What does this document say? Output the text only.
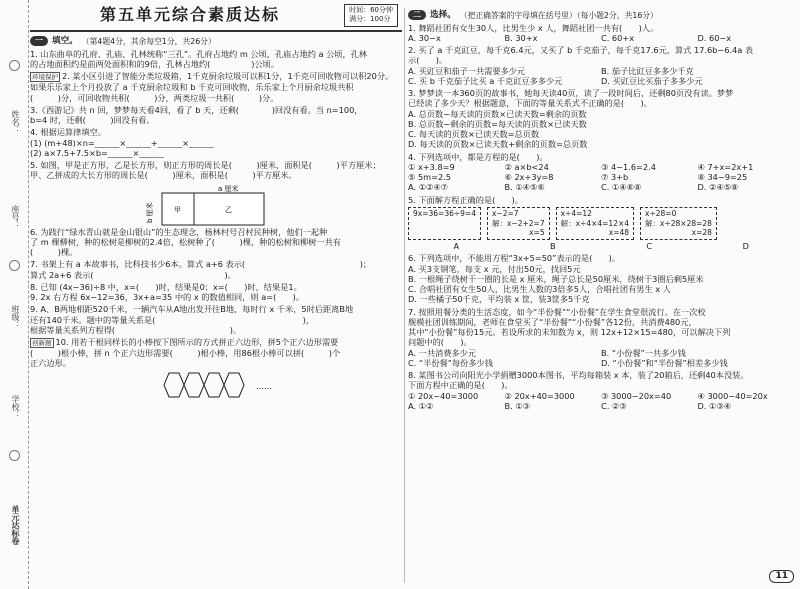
姓名：
座号：
班级：
学校：
单元达标卷
第五单元综合素质达标	时间：60分钟
满分：100分
一	填空。 （第4题4分，其余每空1分，共26分）
1. 山东曲阜的孔府、孔庙、孔林统称“三孔”。孔府占地约 m 公顷，孔庙占地约 a 公顷，孔林
的占地面积约是前两处面积和的9倍，孔林占地约(　　　　　)公顷。
环境保护 2. 某小区引进了智能分类垃圾箱，1千克厨余垃圾可以积1分，1千克可回收物可以积20分。
如果乐乐家上个月投放了 a 千克厨余垃圾和 b 千克可回收物，乐乐家上个月厨余垃圾共积
(　　　)分，可回收物共积(　　　)分，两类垃圾一共积(　　　)分。
3.《西游记》共 n 回，梦梦每天看4回，看了 b 天，还剩(　　　　)回没有看。当 n=100，
b=4 时，还剩(　　　)回没有看。
4. 根据运算律填空。
(1) (m+48)×n=______×______+______×______
(2) a×7.5+7.5×b=______×______
5. 如图，甲是正方形，乙是长方形，则正方形的周长是(　　　)厘米，面积是(　　　)平方厘米；
甲、乙拼成的大长方形的周长是(　　　)厘米，面积是(　　　)平方厘米。
a 厘米
b 厘米	甲	乙
6. 为践行“绿水青山就是金山银山”的生态理念，杨林村号召村民种树，他们一起种
了 m 棵柳树，种的松树是柳树的2.4倍，松树种了(　　　)棵，种的松树和柳树一共有
(　　　)棵。
7. 书架上有 a 本故事书，比科技书少6本。算式 a+6 表示(　　　　　　　　　　　　　　)；
算式 2a+6 表示(　　　　　　　　　　　　　　　　)。
8. 已知 (4x−36)÷8 中，x=(　　)时，结果是0；x=(　　)时，结果是1。
9. 2x 右方程 6x−12=36，3x+a=35 中的 x 的数值相同，则 a=(　　)。
9. A、B两地相距520千米，一辆汽车从A地出发开往B地，每时行 x 千米，5时后距离B地
还有140千米。题中的等量关系是(　　　　　　　　　　　　　　　　　　)，
根据等量关系列方程得(　　　　　　　　　　　　　　)。
创新题 10. 用若干根同样长的小棒按下图所示的方式拼正六边形，拼5个正六边形需要
(　　　)根小棒，拼 n 个正六边形需要(　　　)根小棒，用86根小棒可以拼(　　　)个
正六边形。
……
二	选择。 （把正确答案的字母填在括号里）（每小题2分，共16分）
1. 舞蹈社团有女生30人，比男生少 x 人，舞蹈社团一共有(　　)人。
A. 30−x	B. 30+x	C. 60+x	D. 60−x
2. 买了 a 千克豇豆，每千克6.4元，又买了 b 千克茄子，每千克17.6元，算式 17.6b−6.4a 表
示(　　)。
A. 买豇豆和茄子一共需要多少元	B. 茄子比豇豆多多少千克
C. 买 b 千克茄子比买 a 千克豇豆多多少元	D. 买豇豆比买茄子多多少元
3. 梦梦读一本360页的故事书，她每天读40页，读了一段时间后，还剩80页没有读。梦梦
已经读了多少天？根据题意，下面的等量关系式不正确的是(　　)。
A. 总页数−每天读的页数×已读天数=剩余的页数
B. 总页数−剩余的页数=每天读的页数×已读天数
C. 每天读的页数×已读天数=总页数
D. 每天读的页数×已读天数+剩余的页数=总页数
4. 下列选项中，都是方程的是(　　)。
① x+3.8=9	② a×b<24	③ 4−1.6=2.4	④ 7+x=2x+1
⑤ 5m=2.5	⑥ 2x+3y=8	⑦ 3+b	⑧ 34−9=25
A. ①②④⑦	B. ①④⑤⑥	C. ①④⑥⑧	D. ②④⑤⑧
5. 下面解方程正确的是(　　)。
9x=36=36÷9=4 x−2=7
解：x−2+2=7
x=5
x÷4=12
解：x÷4×4=12×4
x=48
x÷28=0
解：x÷28×28=28
x=28
A	B	C	D
6. 下列选项中，不能用方程“3x+5=50”表示的是(　　)。
A. 买3支钢笔，每支 x 元，付出50元，找回5元
B. 一根绳子绕树干一圈的长是 x 厘米，绳子总长是50厘米，绕树干3圈后剩5厘米
C. 合唱社团有女生50人，比男生人数的3倍多5人，合唱社团有男生 x 人
D. 一些橘子50千克，平均装 x 筐，装3筐多5千克
7. 按照用餐分类的生活态度，如今“半份餐”“小份餐”在学生食堂很流行。在一次校
舰模社团训练期间，老师在食堂买了“半份餐”“小份餐”各12份，共消费480元，
其中“小份餐”每份15元。若设所求的未知数为 x，则 12x+12×15=480，可以解决下列
问题中的(　　)。
A. 一共消费多少元	B. “小份餐”一共多少钱
C. “半份餐”每份多少钱	D. “小份餐”和“半份餐”相差多少钱
8. 某图书公司向阳光小学捐赠3000本图书，平均每箱装 x 本，装了20箱后，还剩40本没装。
下面方程中正确的是(　　)。
① 20x−40=3000	② 20x+40=3000	③ 3000−20x=40	④ 3000−40=20x
A. ①②	B. ①③	C. ②③	D. ①③④
11
